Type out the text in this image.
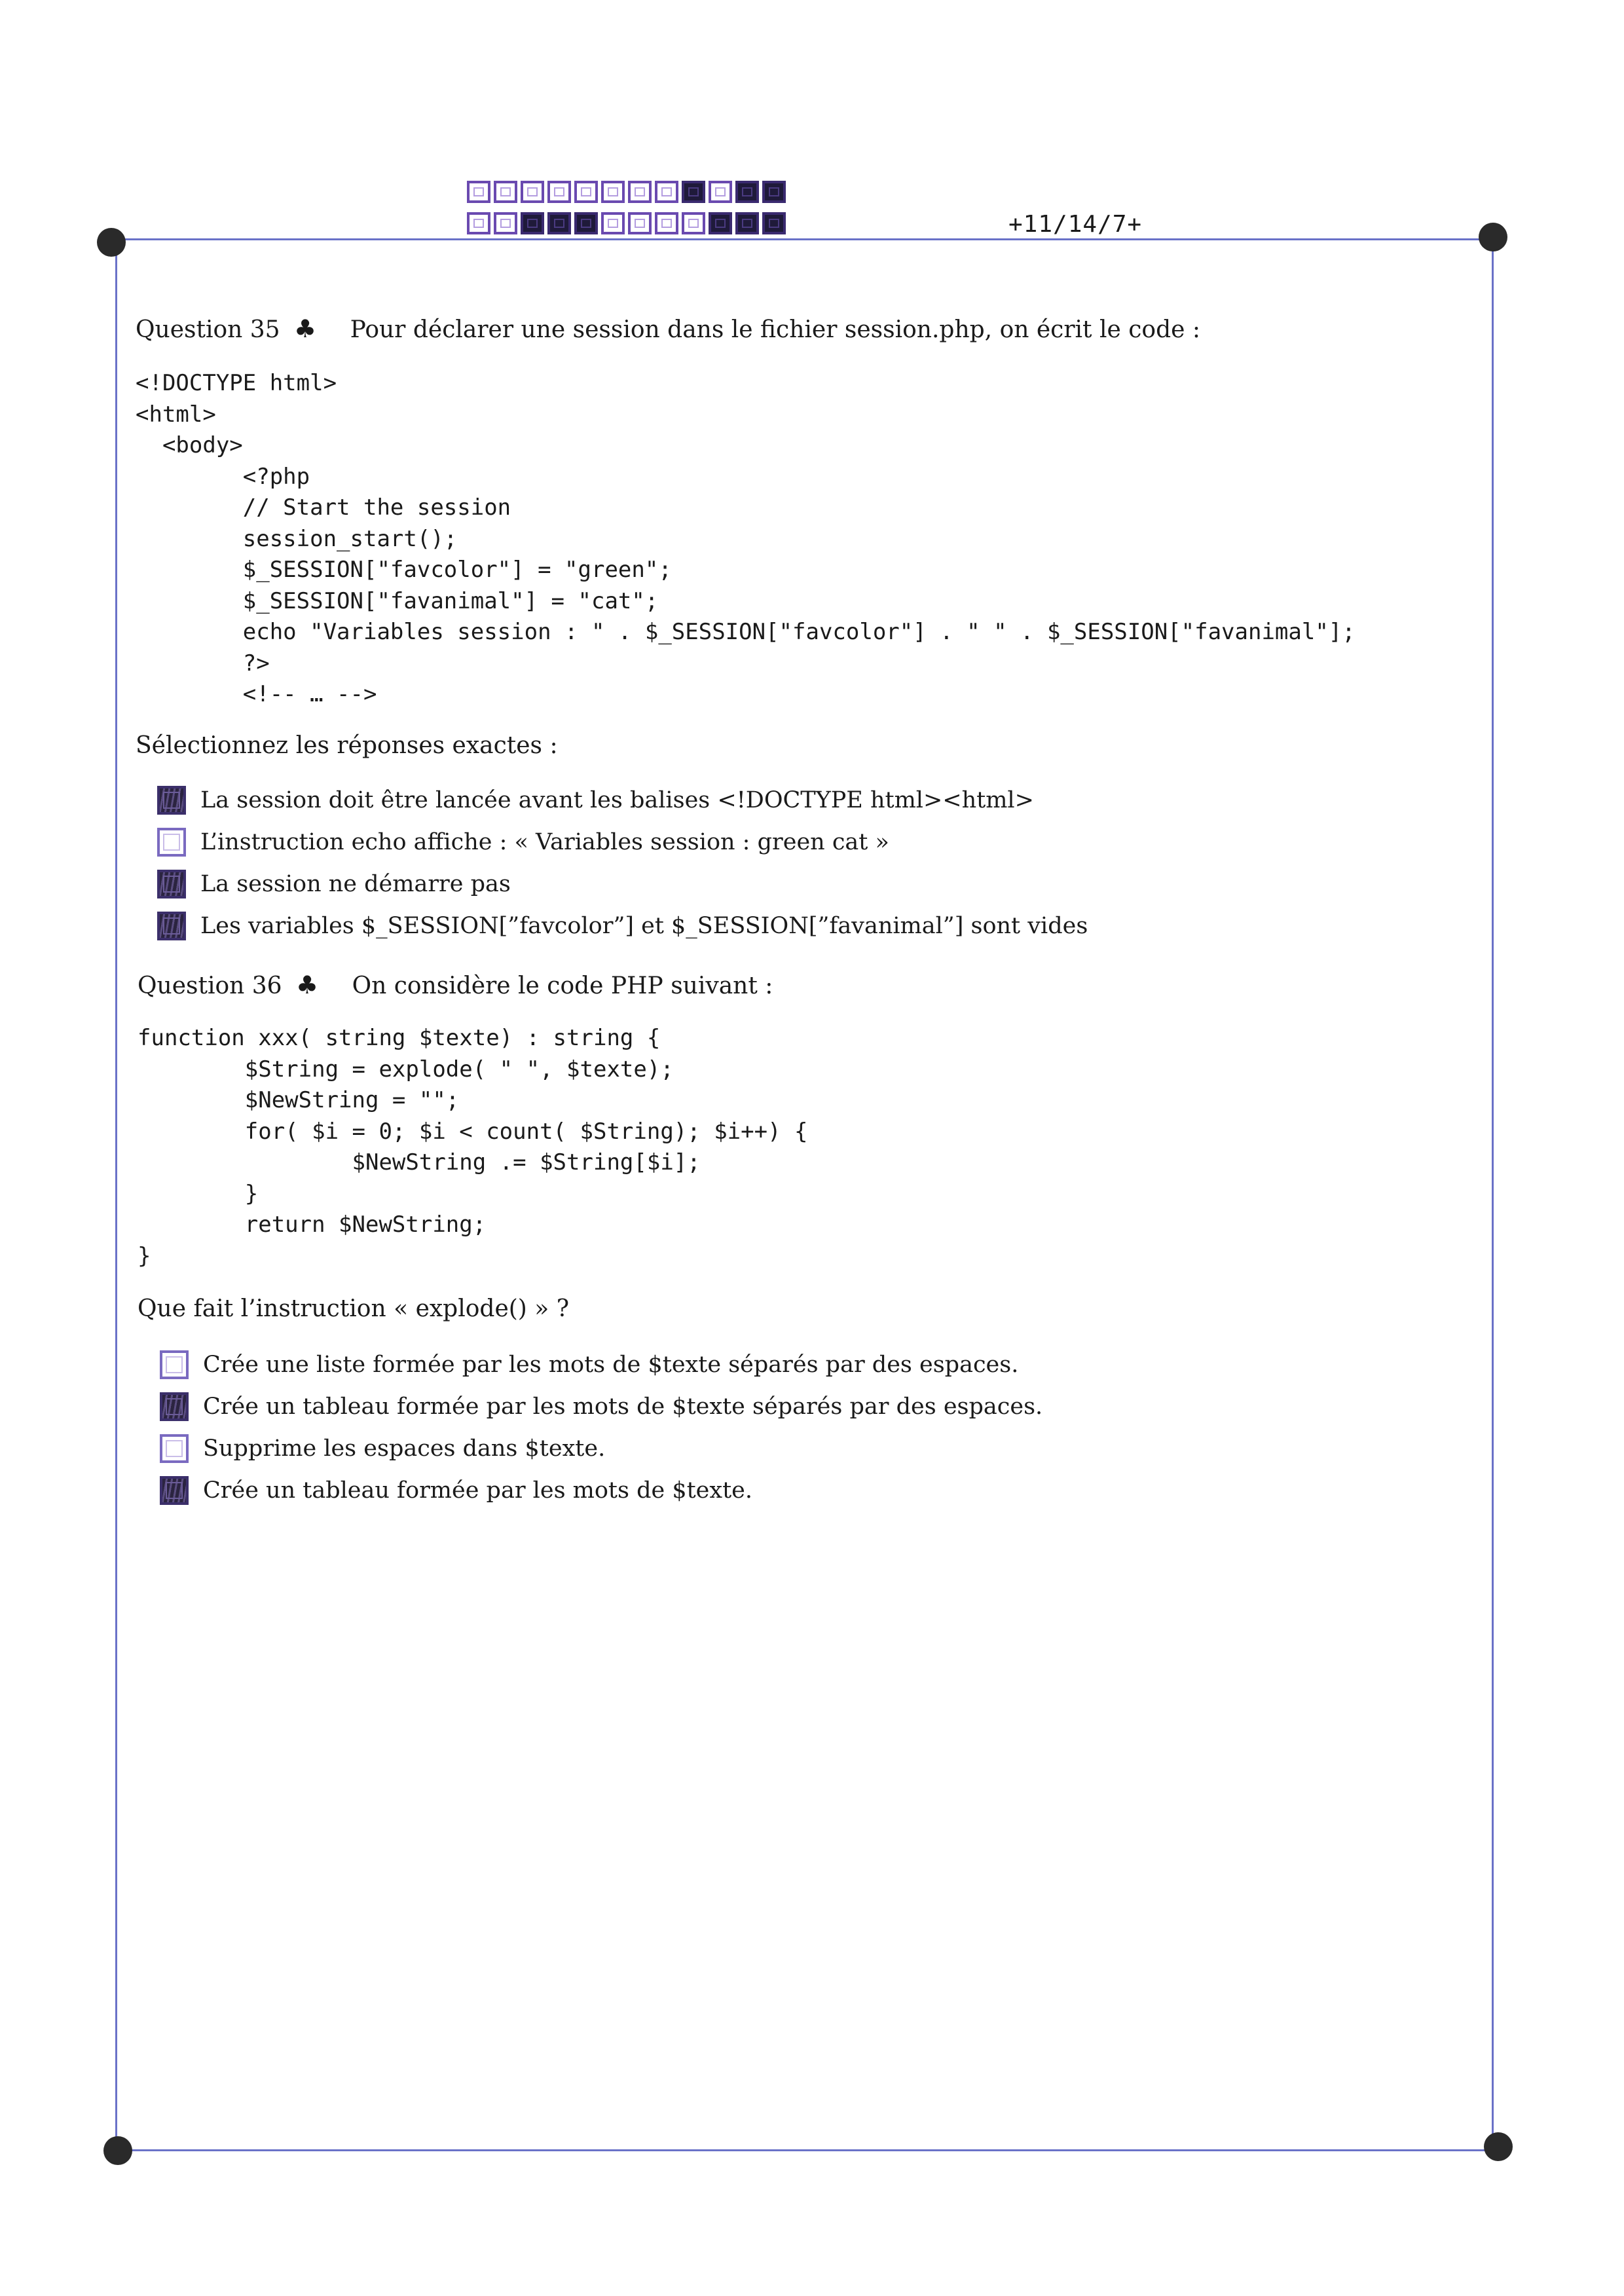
+11/14/7+
Question 35 ♣ Pour déclarer une session dans le fichier session.php, on écrit le code :
<!DOCTYPE html>
<html>
<body>
<?php
// Start the session
session_start();
$_SESSION["favcolor"] = "green";
$_SESSION["favanimal"] = "cat";
echo "Variables session : " . $_SESSION["favcolor"] . " " . $_SESSION["favanimal"];
?>
<!-- … -->
Sélectionnez les réponses exactes :
La session doit être lancée avant les balises <!DOCTYPE html><html>
L’instruction echo affiche : « Variables session : green cat »
La session ne démarre pas
Les variables $_SESSION[”favcolor”] et $_SESSION[”favanimal”] sont vides
Question 36 ♣ On considère le code PHP suivant :
function xxx( string $texte) : string {
$String = explode( " ", $texte);
$NewString = "";
for( $i = 0; $i < count( $String); $i++) {
$NewString .= $String[$i];
}
return $NewString;
}
Que fait l’instruction « explode() » ?
Crée une liste formée par les mots de $texte séparés par des espaces.
Crée un tableau formée par les mots de $texte séparés par des espaces.
Supprime les espaces dans $texte.
Crée un tableau formée par les mots de $texte.
